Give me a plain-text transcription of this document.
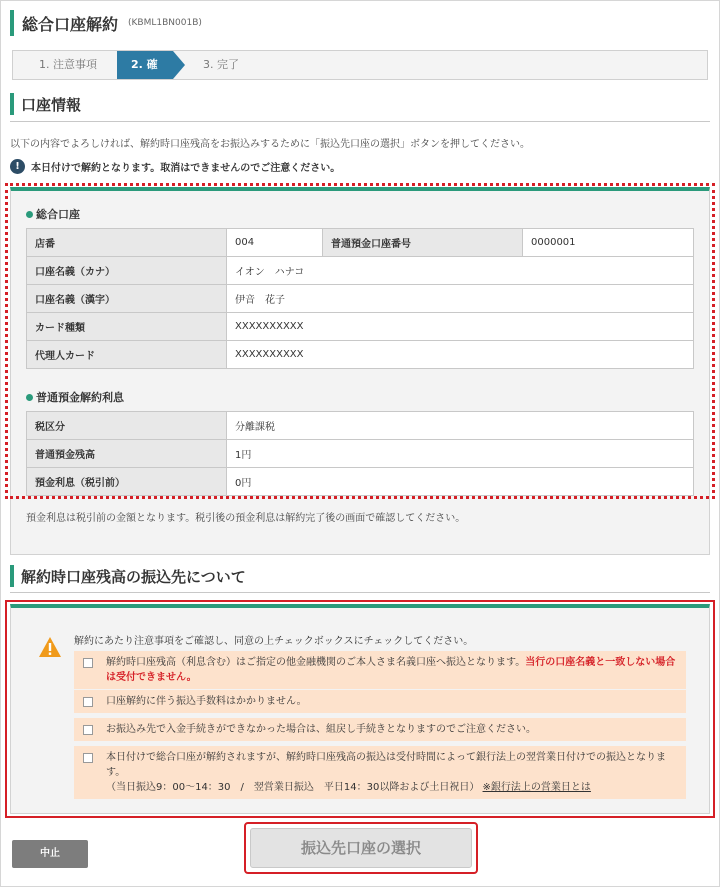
総合口座解約 (KBML1BN001B)
1. 注意事項	2. 確認
3. 完了
口座情報
以下の内容でよろしければ、解約時口座残高をお振込みするために「振込先口座の選択」ボタンを押してください。
!	本日付けで解約となります。取消はできませんのでご注意ください。
総合口座
店番	004	普通預金口座番号	0000001
口座名義（カナ）	イオン　ハナコ		
口座名義（漢字）	伊音　花子		
カード種類	XXXXXXXXXX		
代理人カード	XXXXXXXXXX		
普通預金解約利息
税区分	分離課税
普通預金残高	1円
預金利息（税引前）	0円
預金利息は税引前の金額となります。税引後の預金利息は解約完了後の画面で確認してください。
解約時口座残高の振込先について
解約にあたり注意事項をご確認し、同意の上チェックボックスにチェックしてください。
解約時口座残高（利息含む）はご指定の他金融機関のご本人さま名義口座へ振込となります。当行の口座名義と一致しない場合は受付できません。
口座解約に伴う振込手数料はかかりません。
お振込み先で入金手続きができなかった場合は、組戻し手続きとなりますのでご注意ください。
本日付けで総合口座が解約されますが、解約時口座残高の振込は受付時間によって銀行法上の翌営業日付けでの振込となります。
（当日振込9：00〜14：30　/　翌営業日振込　平日14：30以降および土日祝日） ※銀行法上の営業日とは
中止	振込先口座の選択
